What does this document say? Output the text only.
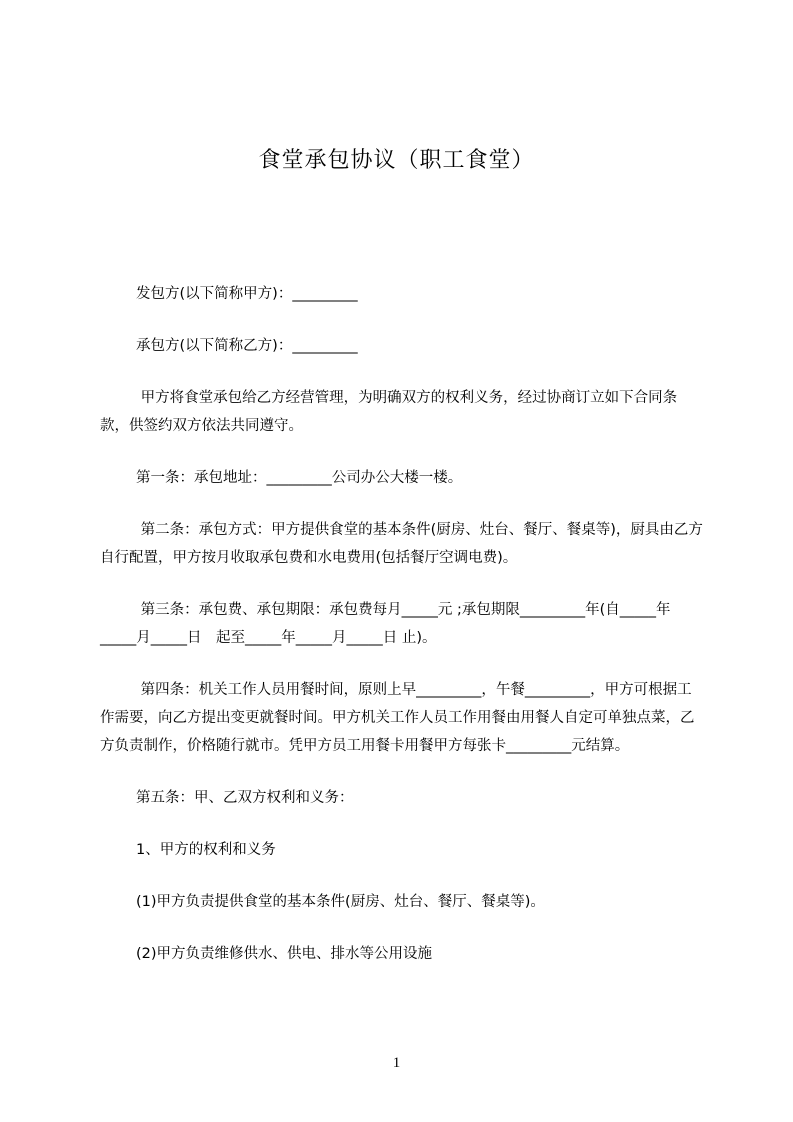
食堂承包协议（职工食堂）

发包方(以下简称甲方)：_________

承包方(以下简称乙方)：_________

甲方将食堂承包给乙方经营管理，为明确双方的权利义务，经过协商订立如下合同条款，供签约双方依法共同遵守。

第一条：承包地址：_________公司办公大楼一楼。

第二条：承包方式：甲方提供食堂的基本条件(厨房、灶台、餐厅、餐桌等)，厨具由乙方自行配置，甲方按月收取承包费和水电费用(包括餐厅空调电费)。

第三条：承包费、承包期限：承包费每月_____元 ;承包期限_________年(自_____年_____月_____日　起至_____年_____月_____日 止)。

第四条：机关工作人员用餐时间，原则上早_________，午餐_________，甲方可根据工作需要，向乙方提出变更就餐时间。甲方机关工作人员工作用餐由用餐人自定可单独点菜，乙方负责制作，价格随行就市。凭甲方员工用餐卡用餐甲方每张卡_________元结算。

第五条：甲、乙双方权利和义务：

1、甲方的权利和义务

(1)甲方负责提供食堂的基本条件(厨房、灶台、餐厅、餐桌等)。

(2)甲方负责维修供水、供电、排水等公用设施

1
